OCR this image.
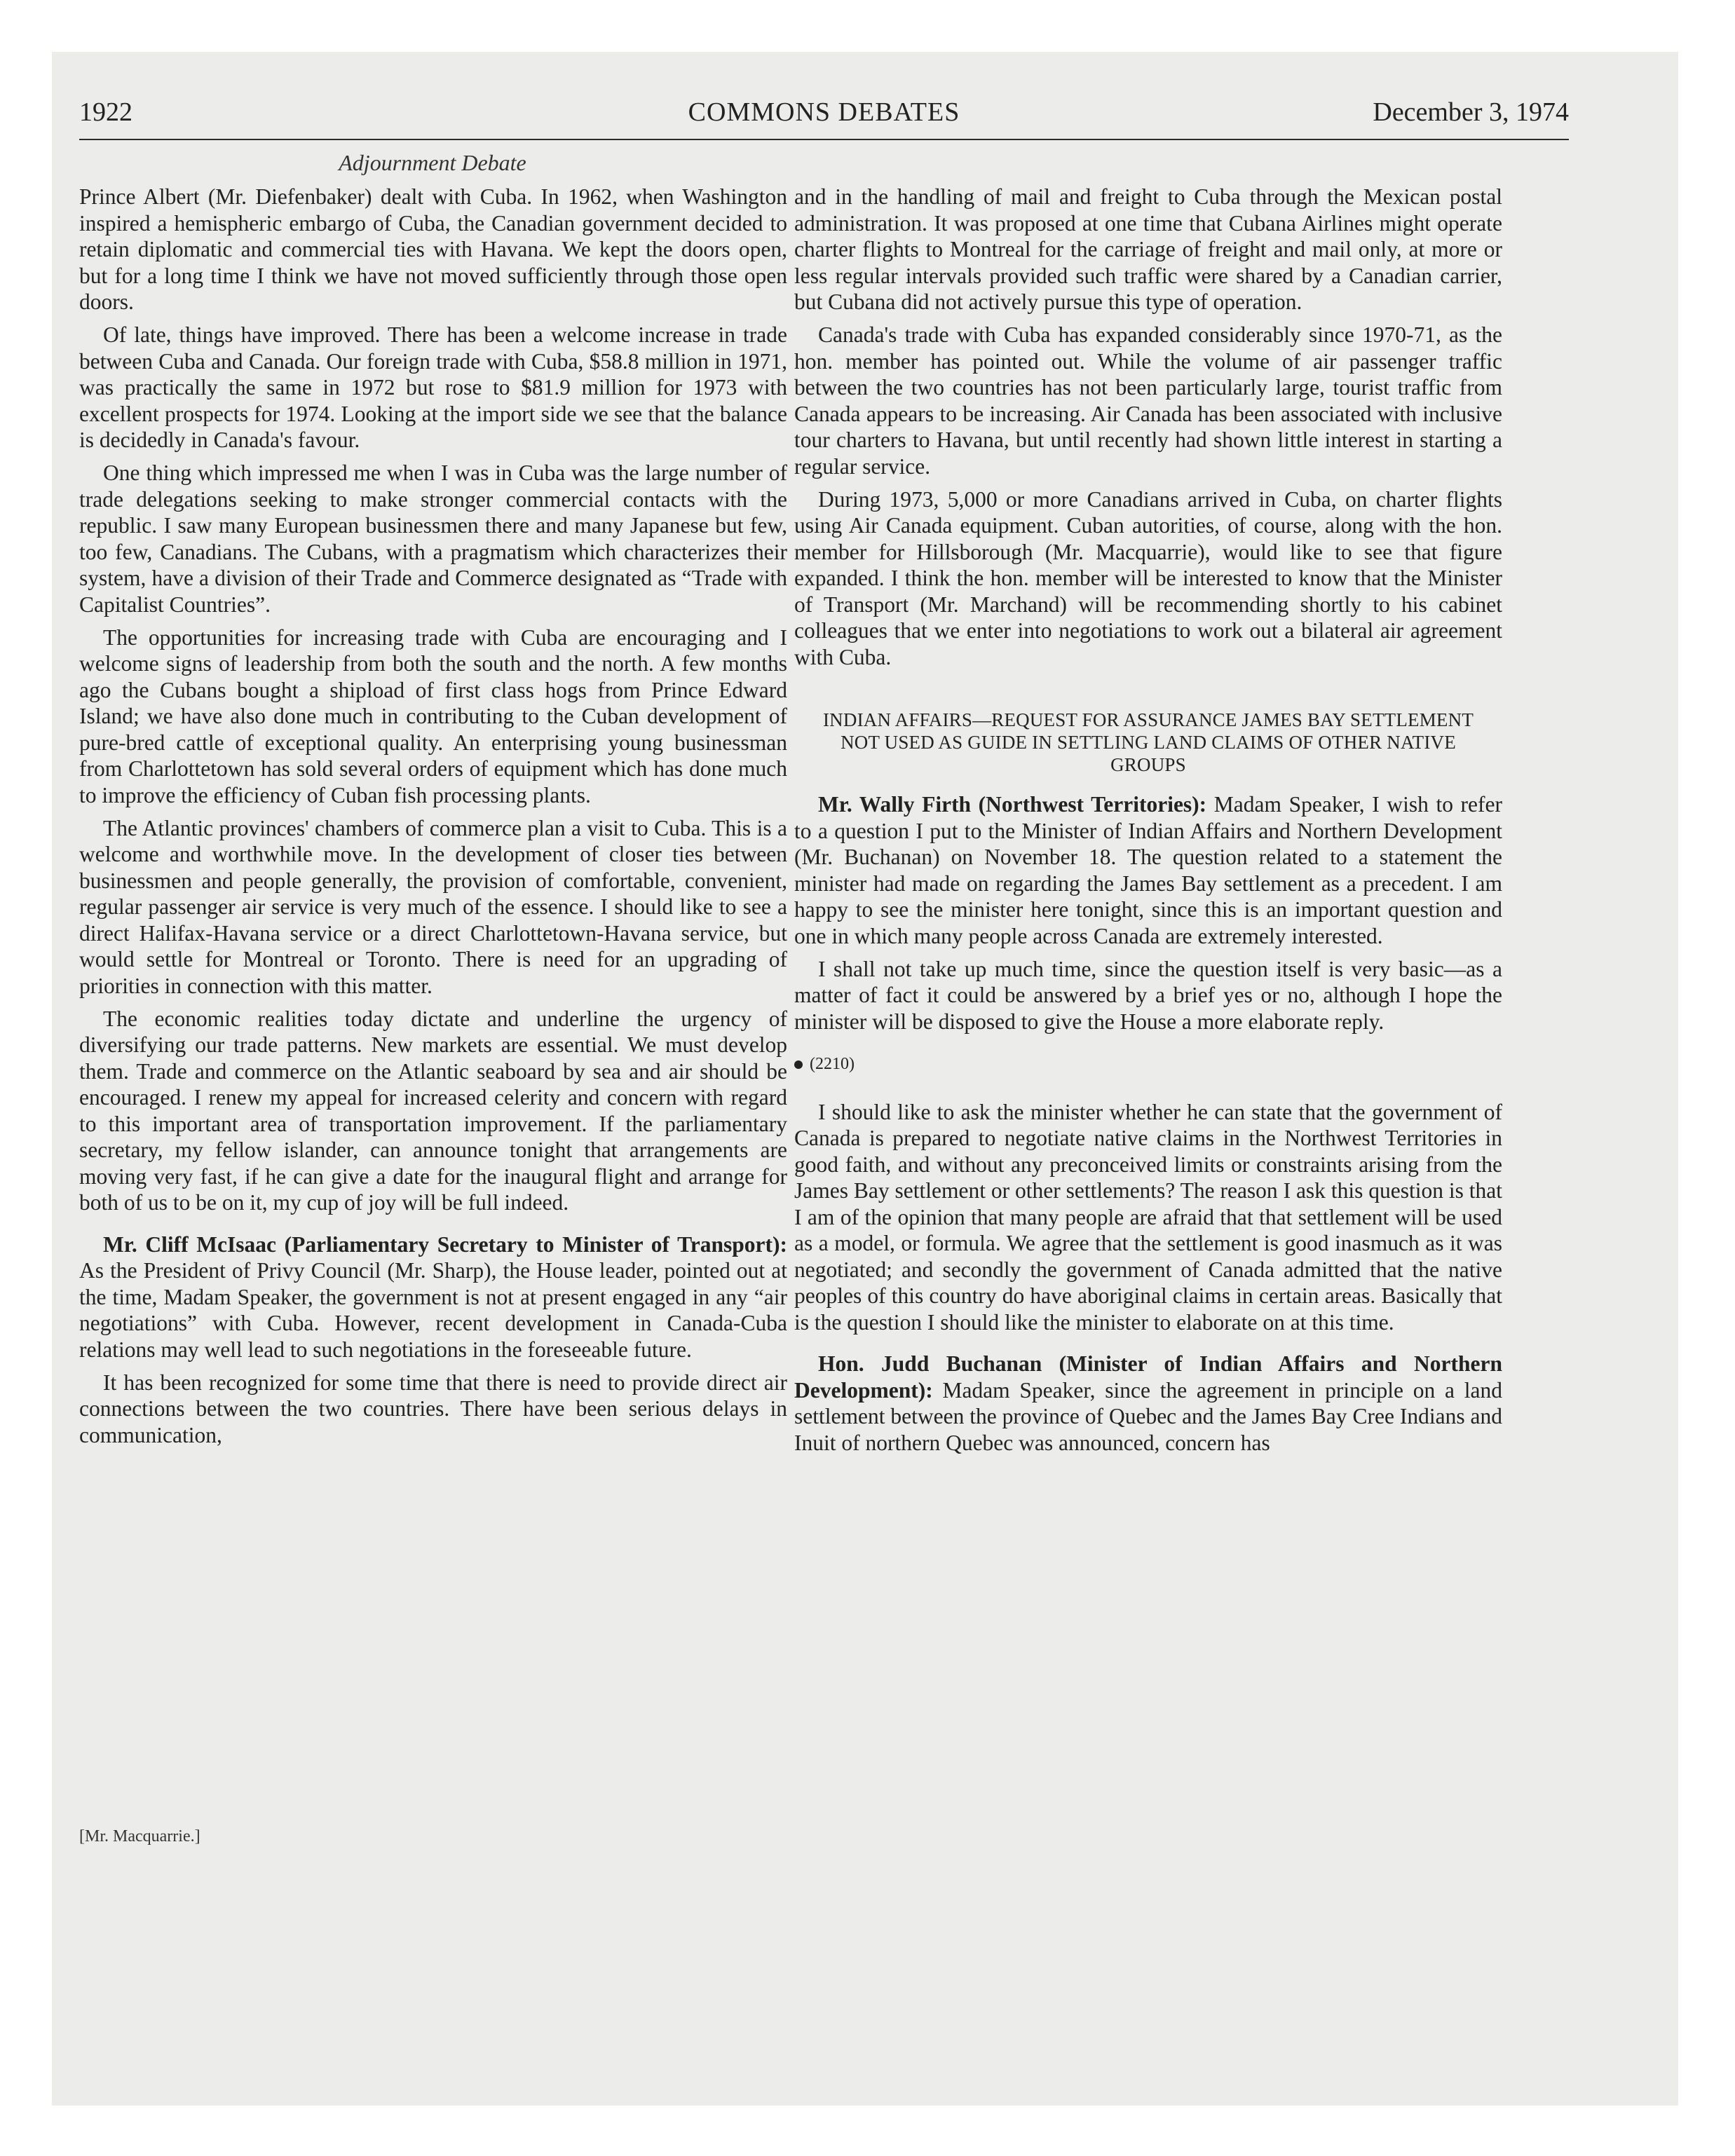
1922	COMMONS DEBATES	December 3, 1974
Adjournment Debate

Prince Albert (Mr. Diefenbaker) dealt with Cuba. In 1962, when Washington inspired a hemispheric embargo of Cuba, the Canadian government decided to retain diplomatic and commercial ties with Havana. We kept the doors open, but for a long time I think we have not moved sufficiently through those open doors.

Of late, things have improved. There has been a welcome increase in trade between Cuba and Canada. Our foreign trade with Cuba, $58.8 million in 1971, was practically the same in 1972 but rose to $81.9 million for 1973 with excellent prospects for 1974. Looking at the import side we see that the balance is decidedly in Canada's favour.

One thing which impressed me when I was in Cuba was the large number of trade delegations seeking to make stronger commercial contacts with the republic. I saw many European businessmen there and many Japanese but few, too few, Canadians. The Cubans, with a pragmatism which characterizes their system, have a division of their Trade and Commerce designated as “Trade with Capitalist Countries”.

The opportunities for increasing trade with Cuba are encouraging and I welcome signs of leadership from both the south and the north. A few months ago the Cubans bought a shipload of first class hogs from Prince Edward Island; we have also done much in contributing to the Cuban development of pure-bred cattle of exceptional quality. An enterprising young businessman from Charlottetown has sold several orders of equipment which has done much to improve the efficiency of Cuban fish processing plants.

The Atlantic provinces' chambers of commerce plan a visit to Cuba. This is a welcome and worthwhile move. In the development of closer ties between businessmen and people generally, the provision of comfortable, convenient, regular passenger air service is very much of the essence. I should like to see a direct Halifax-Havana service or a direct Charlottetown-Havana service, but would settle for Montreal or Toronto. There is need for an upgrading of priorities in connection with this matter.

The economic realities today dictate and underline the urgency of diversifying our trade patterns. New markets are essential. We must develop them. Trade and commerce on the Atlantic seaboard by sea and air should be encouraged. I renew my appeal for increased celerity and concern with regard to this important area of transportation improvement. If the parliamentary secretary, my fellow islander, can announce tonight that arrangements are moving very fast, if he can give a date for the inaugural flight and arrange for both of us to be on it, my cup of joy will be full indeed.

Mr. Cliff McIsaac (Parliamentary Secretary to Minister of Transport): As the President of Privy Council (Mr. Sharp), the House leader, pointed out at the time, Madam Speaker, the government is not at present engaged in any “air negotiations” with Cuba. However, recent development in Canada-Cuba relations may well lead to such negotiations in the foreseeable future.

It has been recognized for some time that there is need to provide direct air connections between the two countries. There have been serious delays in communication,

[Mr. Macquarrie.]

and in the handling of mail and freight to Cuba through the Mexican postal administration. It was proposed at one time that Cubana Airlines might operate charter flights to Montreal for the carriage of freight and mail only, at more or less regular intervals provided such traffic were shared by a Canadian carrier, but Cubana did not actively pursue this type of operation.

Canada's trade with Cuba has expanded considerably since 1970-71, as the hon. member has pointed out. While the volume of air passenger traffic between the two countries has not been particularly large, tourist traffic from Canada appears to be increasing. Air Canada has been associated with inclusive tour charters to Havana, but until recently had shown little interest in starting a regular service.

During 1973, 5,000 or more Canadians arrived in Cuba, on charter flights using Air Canada equipment. Cuban autorities, of course, along with the hon. member for Hillsborough (Mr. Macquarrie), would like to see that figure expanded. I think the hon. member will be interested to know that the Minister of Transport (Mr. Marchand) will be recommending shortly to his cabinet colleagues that we enter into negotiations to work out a bilateral air agreement with Cuba.

INDIAN AFFAIRS—REQUEST FOR ASSURANCE JAMES BAY SETTLEMENT NOT USED AS GUIDE IN SETTLING LAND CLAIMS OF OTHER NATIVE GROUPS

Mr. Wally Firth (Northwest Territories): Madam Speaker, I wish to refer to a question I put to the Minister of Indian Affairs and Northern Development (Mr. Buchanan) on November 18. The question related to a statement the minister had made on regarding the James Bay settlement as a precedent. I am happy to see the minister here tonight, since this is an important question and one in which many people across Canada are extremely interested.

I shall not take up much time, since the question itself is very basic—as a matter of fact it could be answered by a brief yes or no, although I hope the minister will be disposed to give the House a more elaborate reply.

(2210)

I should like to ask the minister whether he can state that the government of Canada is prepared to negotiate native claims in the Northwest Territories in good faith, and without any preconceived limits or constraints arising from the James Bay settlement or other settlements? The reason I ask this question is that I am of the opinion that many people are afraid that that settlement will be used as a model, or formula. We agree that the settlement is good inasmuch as it was negotiated; and secondly the government of Canada admitted that the native peoples of this country do have aboriginal claims in certain areas. Basically that is the question I should like the minister to elaborate on at this time.

Hon. Judd Buchanan (Minister of Indian Affairs and Northern Development): Madam Speaker, since the agreement in principle on a land settlement between the province of Quebec and the James Bay Cree Indians and Inuit of northern Quebec was announced, concern has
